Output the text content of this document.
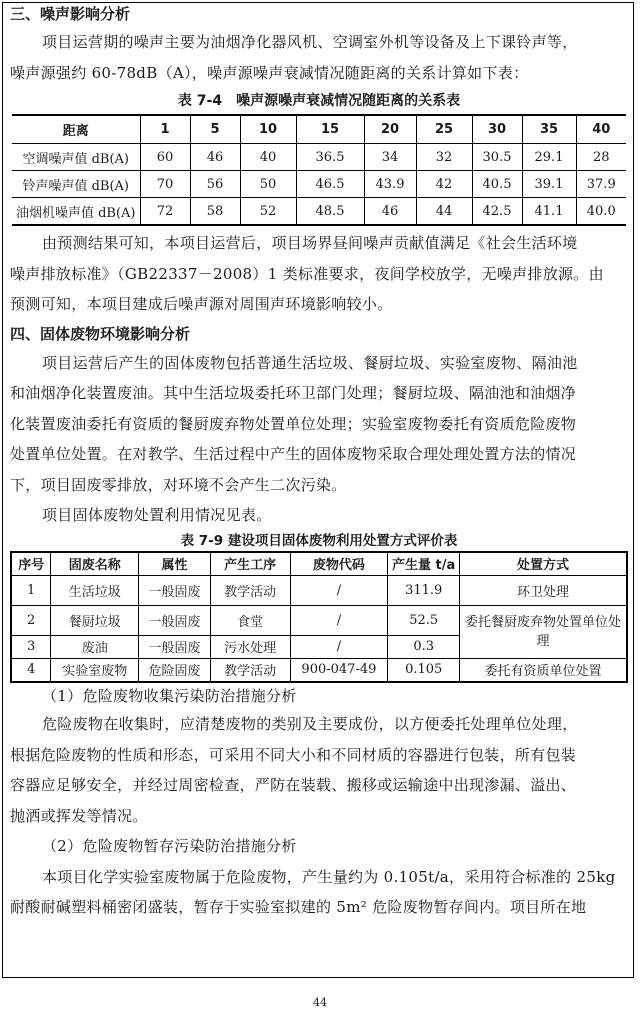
三、噪声影响分析
项目运营期的噪声主要为油烟净化器风机、空调室外机等设备及上下课铃声等，
噪声源强约 60-78dB（A），噪声源噪声衰减情况随距离的关系计算如下表：
表 7-4　噪声源噪声衰减情况随距离的关系表
距离	1	5	10	15	20	25	30	35	40
空调噪声值 dB(A)	60	46	40	36.5	34	32	30.5	29.1	28
铃声噪声值 dB(A)	70	56	50	46.5	43.9	42	40.5	39.1	37.9
油烟机噪声值 dB(A)	72	58	52	48.5	46	44	42.5	41.1	40.0
由预测结果可知，本项目运营后，项目场界昼间噪声贡献值满足《社会生活环境
噪声排放标准》（GB22337－2008）1 类标准要求，夜间学校放学，无噪声排放源。由
预测可知，本项目建成后噪声源对周围声环境影响较小。
四、固体废物环境影响分析
项目运营后产生的固体废物包括普通生活垃圾、餐厨垃圾、实验室废物、隔油池
和油烟净化装置废油。其中生活垃圾委托环卫部门处理；餐厨垃圾、隔油池和油烟净
化装置废油委托有资质的餐厨废弃物处置单位处理；实验室废物委托有资质危险废物
处置单位处置。在对教学、生活过程中产生的固体废物采取合理处理处置方法的情况
下，项目固废零排放，对环境不会产生二次污染。
项目固体废物处置利用情况见表。
表 7-9 建设项目固体废物利用处置方式评价表
序号	固废名称	属性	产生工序	废物代码	产生量 t/a	处置方式
1	生活垃圾	一般固废	教学活动	/	311.9	环卫处理
2	餐厨垃圾	一般固废	食堂	/	52.5	委托餐厨废弃物处置单位处理
3	废油	一般固废	污水处理	/	0.3	
4	实验室废物	危险固废	教学活动	900-047-49	0.105	委托有资质单位处置
（1）危险废物收集污染防治措施分析
危险废物在收集时，应清楚废物的类别及主要成份，以方便委托处理单位处理，
根据危险废物的性质和形态，可采用不同大小和不同材质的容器进行包装，所有包装
容器应足够安全，并经过周密检查，严防在装载、搬移或运输途中出现渗漏、溢出、
抛洒或挥发等情况。
（2）危险废物暂存污染防治措施分析
本项目化学实验室废物属于危险废物，产生量约为 0.105t/a，采用符合标准的 25kg
耐酸耐碱塑料桶密闭盛装，暂存于实验室拟建的 5m² 危险废物暂存间内。项目所在地
44
